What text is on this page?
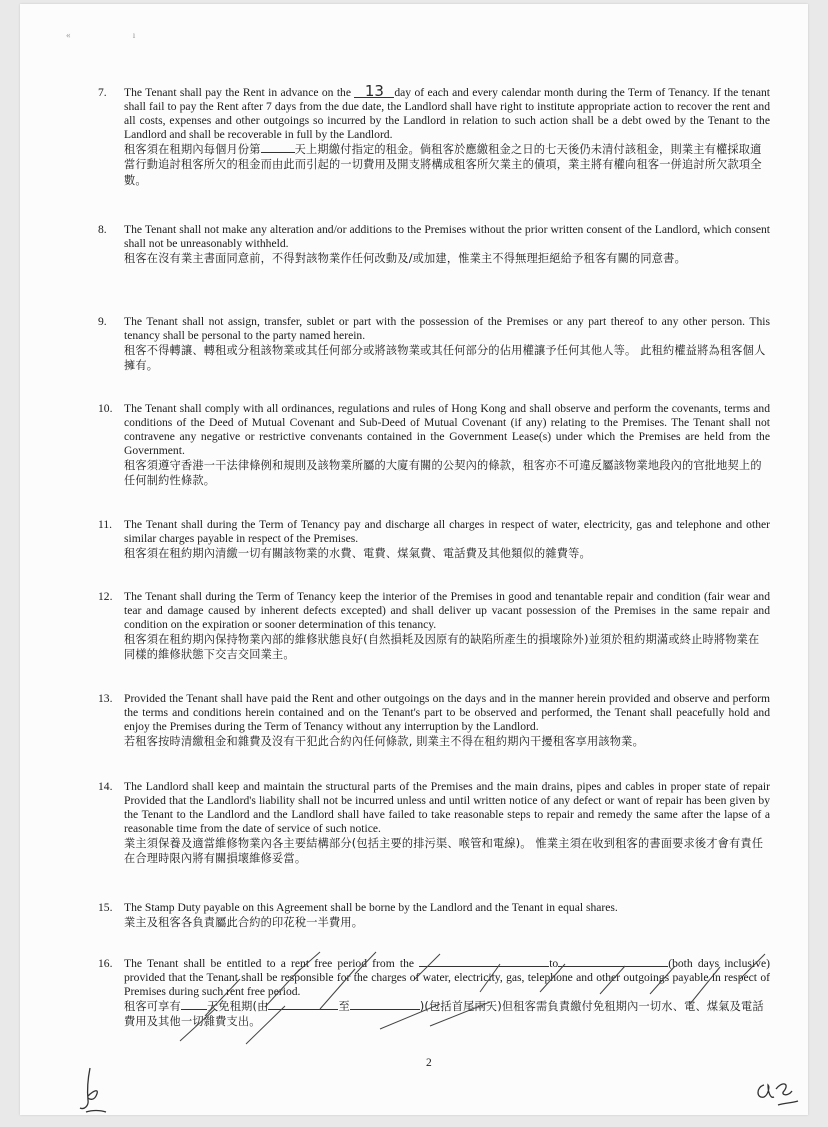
« ı
7. The Tenant shall pay the Rent in advance on the 13 day of each and every calendar month during the Term of Tenancy. If the tenant shall fail to pay the Rent after 7 days from the due date, the Landlord shall have right to institute appropriate action to recover the rent and all costs, expenses and other outgoings so incurred by the Landlord in relation to such action shall be a debt owed by the Tenant to the Landlord and shall be recoverable in full by the Landlord.

租客須在租期內每個月份第	天上期繳付指定的租金。倘租客於應繳租金之日的七天後仍未清付該租金，則業主有權採取適當行動追討租客所欠的租金而由此而引起的一切費用及開支將構成租客所欠業主的債項，業主將有權向租客一併追討所欠款項全數。

8. The Tenant shall not make any alteration and/or additions to the Premises without the prior written consent of the Landlord, which consent shall not be unreasonably withheld.

租客在沒有業主書面同意前，不得對該物業作任何改動及/或加建，惟業主不得無理拒絕給予租客有關的同意書。

9. The Tenant shall not assign, transfer, sublet or part with the possession of the Premises or any part thereof to any other person. This tenancy shall be personal to the party named herein.

租客不得轉讓、轉租或分租該物業或其任何部分或將該物業或其任何部分的佔用權讓予任何其他人等。 此租約權益將為租客個人擁有。

10. The Tenant shall comply with all ordinances, regulations and rules of Hong Kong and shall observe and perform the covenants, terms and conditions of the Deed of Mutual Covenant and Sub-Deed of Mutual Covenant (if any) relating to the Premises. The Tenant shall not contravene any negative or restrictive convenants contained in the Government Lease(s) under which the Premises are held from the Government.

租客須遵守香港一干法律條例和規則及該物業所屬的大廈有關的公契內的條款，租客亦不可違反屬該物業地段內的官批地契上的任何制約性條款。

11. The Tenant shall during the Term of Tenancy pay and discharge all charges in respect of water, electricity, gas and telephone and other similar charges payable in respect of the Premises.

租客須在租約期內清繳一切有關該物業的水費、電費、煤氣費、電話費及其他類似的雜費等。

12. The Tenant shall during the Term of Tenancy keep the interior of the Premises in good and tenantable repair and condition (fair wear and tear and damage caused by inherent defects excepted) and shall deliver up vacant possession of the Premises in the same repair and condition on the expiration or sooner determination of this tenancy.

租客須在租約期內保持物業內部的維修狀態良好(自然損耗及因原有的缺陷所產生的損壞除外)並須於租約期滿或終止時將物業在同樣的維修狀態下交吉交回業主。

13. Provided the Tenant shall have paid the Rent and other outgoings on the days and in the manner herein provided and observe and perform the terms and conditions herein contained and on the Tenant's part to be observed and performed, the Tenant shall peacefully hold and enjoy the Premises during the Term of Tenancy without any interruption by the Landlord.

若租客按時清繳租金和雜費及沒有干犯此合約內任何條款, 則業主不得在租約期內干擾租客享用該物業。

14. The Landlord shall keep and maintain the structural parts of the Premises and the main drains, pipes and cables in proper state of repair Provided that the Landlord's liability shall not be incurred unless and until written notice of any defect or want of repair has been given by the Tenant to the Landlord and the Landlord shall have failed to take reasonable steps to repair and remedy the same after the lapse of a reasonable time from the date of service of such notice.

業主須保養及適當維修物業內各主要結構部分(包括主要的排污渠、喉管和電線)。 惟業主須在收到租客的書面要求後才會有責任在合理時限內將有關損壞維修妥當。

15. The Stamp Duty payable on this Agreement shall be borne by the Landlord and the Tenant in equal shares.

業主及租客各負責屬此合約的印花稅一半費用。

16. The Tenant shall be entitled to a rent free period from the	to	(both days inclusive) provided that the Tenant shall be responsible for the charges of water, electricity, gas, telephone and other outgoings payable in respect of Premises during such rent free period.

租客可享有 天免租期(由	至	)(包括首尾兩天)但租客需負責繳付免租期內一切水、電、煤氣及電話費用及其他一切雜費支出。

2
